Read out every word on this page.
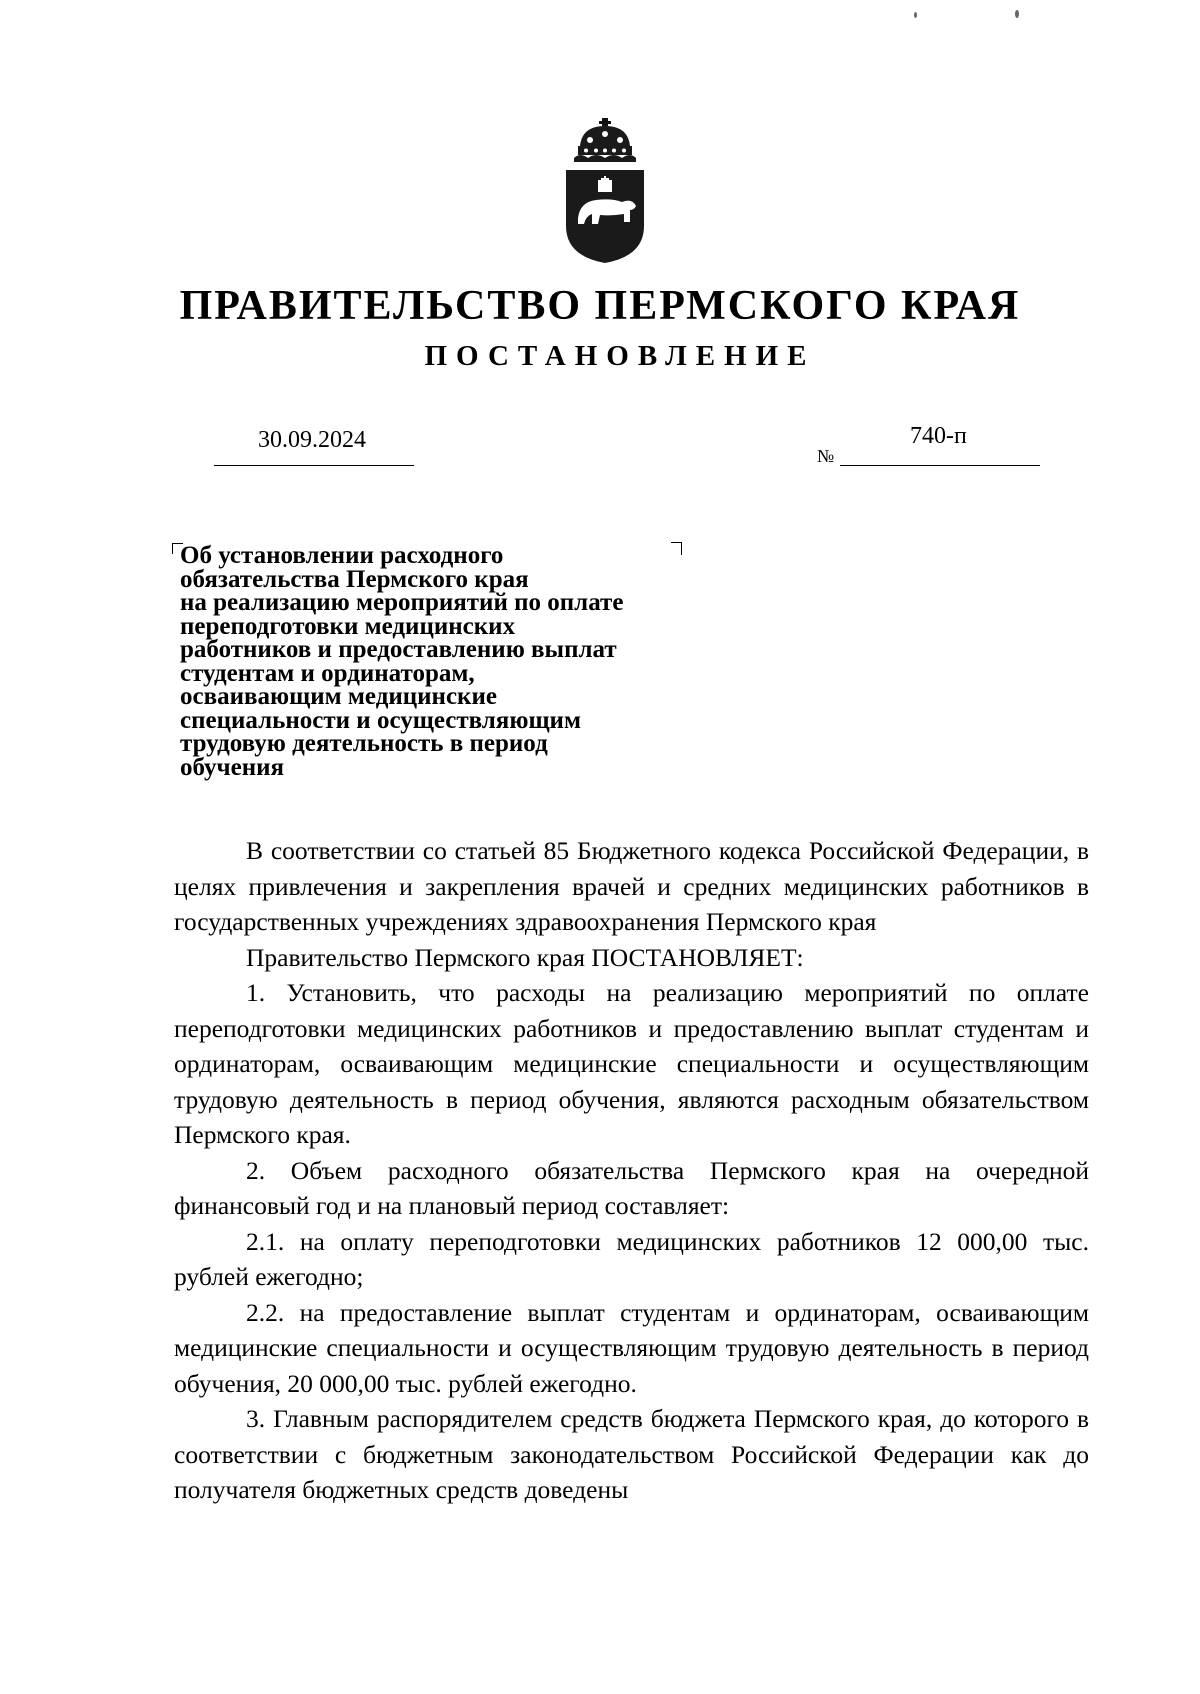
ПРАВИТЕЛЬСТВО ПЕРМСКОГО КРАЯ
ПОСТАНОВЛЕНИЕ
30.09.2024
№
740-п
Об установлении расходного
обязательства Пермского края
на реализацию мероприятий по оплате
переподготовки медицинских
работников и предоставлению выплат
студентам и ординаторам,
осваивающим медицинские
специальности и осуществляющим
трудовую деятельность в период
обучения

В соответствии со статьей 85 Бюджетного кодекса Российской Федерации, в целях привлечения и закрепления врачей и средних медицинских работников в государственных учреждениях здравоохранения Пермского края

Правительство Пермского края ПОСТАНОВЛЯЕТ:

1. Установить, что расходы на реализацию мероприятий по оплате переподготовки медицинских работников и предоставлению выплат студентам и ординаторам, осваивающим медицинские специальности и осуществляющим трудовую деятельность в период обучения, являются расходным обязательством Пермского края.

2. Объем расходного обязательства Пермского края на очередной финансовый год и на плановый период составляет:

2.1. на оплату переподготовки медицинских работников 12 000,00 тыс. рублей ежегодно;

2.2. на предоставление выплат студентам и ординаторам, осваивающим медицинские специальности и осуществляющим трудовую деятельность в период обучения, 20 000,00 тыс. рублей ежегодно.

3. Главным распорядителем средств бюджета Пермского края, до которого в соответствии с бюджетным законодательством Российской Федерации как до получателя бюджетных средств доведены
